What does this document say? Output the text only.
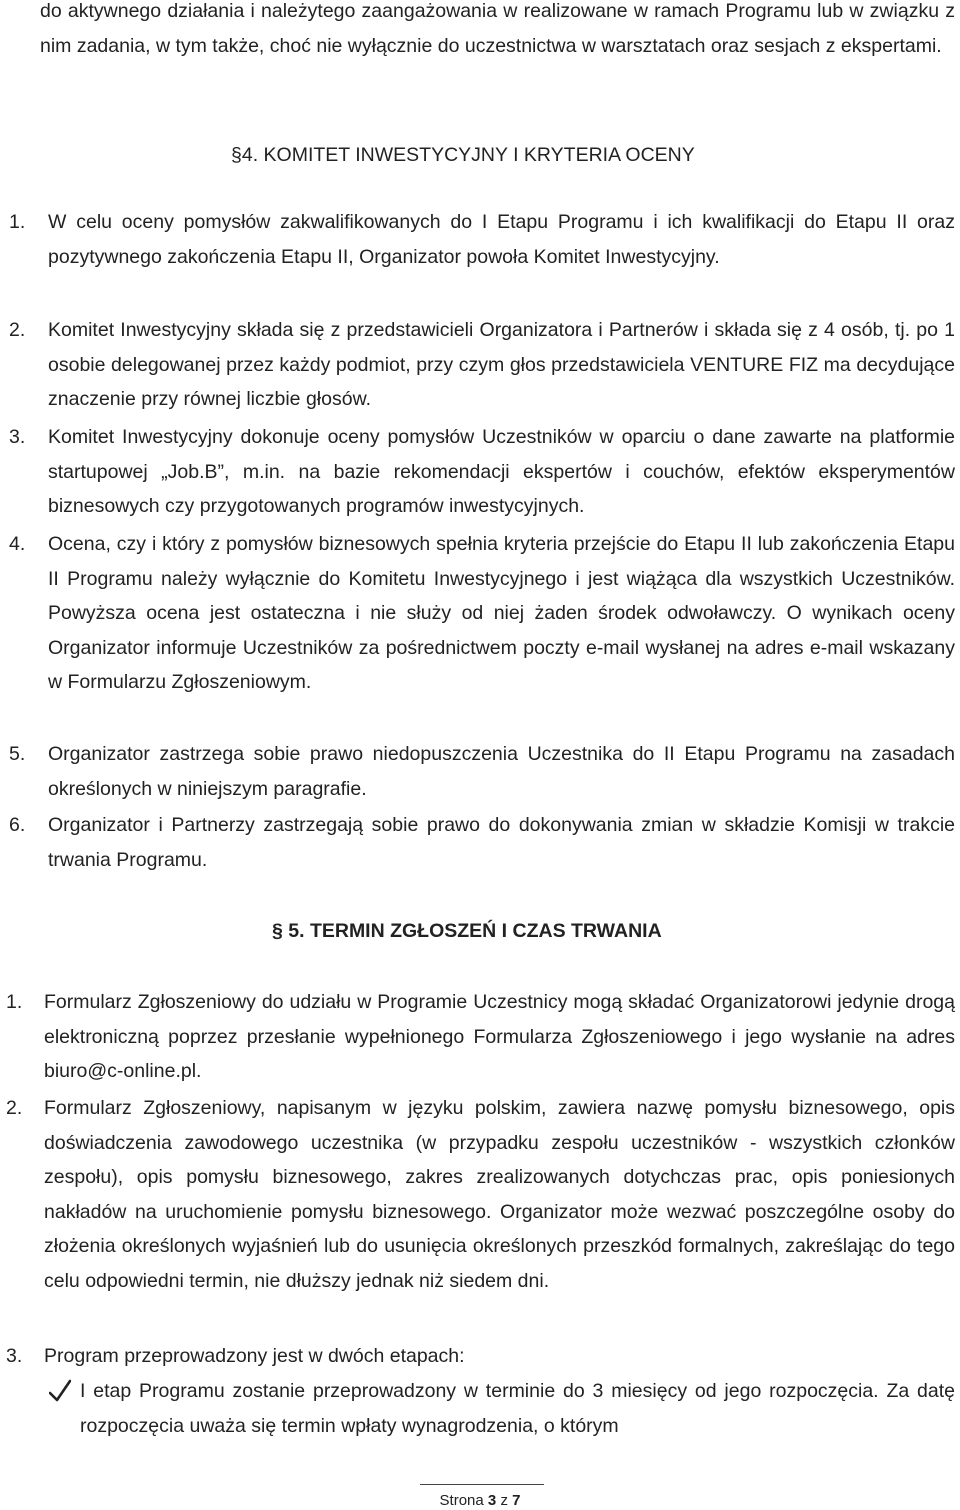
do aktywnego działania i należytego zaangażowania w realizowane w ramach Programu lub w związku z nim zadania, w tym także, choć nie wyłącznie do uczestnictwa w warsztatach oraz sesjach z ekspertami.

§4. KOMITET INWESTYCYJNY I KRYTERIA OCENY
1. W celu oceny pomysłów zakwalifikowanych do I Etapu Programu i ich kwalifikacji do Etapu II oraz pozytywnego zakończenia Etapu II, Organizator powoła Komitet Inwestycyjny.

2. Komitet Inwestycyjny składa się z przedstawicieli Organizatora i Partnerów i składa się z 4 osób, tj. po 1 osobie delegowanej przez każdy podmiot, przy czym głos przedstawiciela VENTURE FIZ ma decydujące znaczenie przy równej liczbie głosów.

3. Komitet Inwestycyjny dokonuje oceny pomysłów Uczestników w oparciu o dane zawarte na platformie startupowej „Job.B”, m.in. na bazie rekomendacji ekspertów i couchów, efektów eksperymentów biznesowych czy przygotowanych programów inwestycyjnych.

4. Ocena, czy i który z pomysłów biznesowych spełnia kryteria przejście do Etapu II lub zakończenia Etapu II Programu należy wyłącznie do Komitetu Inwestycyjnego i jest wiążąca dla wszystkich Uczestników. Powyższa ocena jest ostateczna i nie służy od niej żaden środek odwoławczy. O wynikach oceny Organizator informuje Uczestników za pośrednictwem poczty e-mail wysłanej na adres e-mail wskazany w Formularzu Zgłoszeniowym.

5. Organizator zastrzega sobie prawo niedopuszczenia Uczestnika do II Etapu Programu na zasadach określonych w niniejszym paragrafie.

6. Organizator i Partnerzy zastrzegają sobie prawo do dokonywania zmian w składzie Komisji w trakcie trwania Programu.

§ 5. TERMIN ZGŁOSZEŃ I CZAS TRWANIA
1. Formularz Zgłoszeniowy do udziału w Programie Uczestnicy mogą składać Organizatorowi jedynie drogą elektroniczną poprzez przesłanie wypełnionego Formularza Zgłoszeniowego i jego wysłanie na adres biuro@c-online.pl.

2. Formularz Zgłoszeniowy, napisanym w języku polskim, zawiera nazwę pomysłu biznesowego, opis doświadczenia zawodowego uczestnika (w przypadku zespołu uczestników - wszystkich członków zespołu), opis pomysłu biznesowego, zakres zrealizowanych dotychczas prac, opis poniesionych nakładów na uruchomienie pomysłu biznesowego. Organizator może wezwać poszczególne osoby do złożenia określonych wyjaśnień lub do usunięcia określonych przeszkód formalnych, zakreślając do tego celu odpowiedni termin, nie dłuższy jednak niż siedem dni.

3. Program przeprowadzony jest w dwóch etapach:

I etap Programu zostanie przeprowadzony w terminie do 3 miesięcy od jego rozpoczęcia. Za datę rozpoczęcia uważa się termin wpłaty wynagrodzenia, o którym

Strona 3 z 7
